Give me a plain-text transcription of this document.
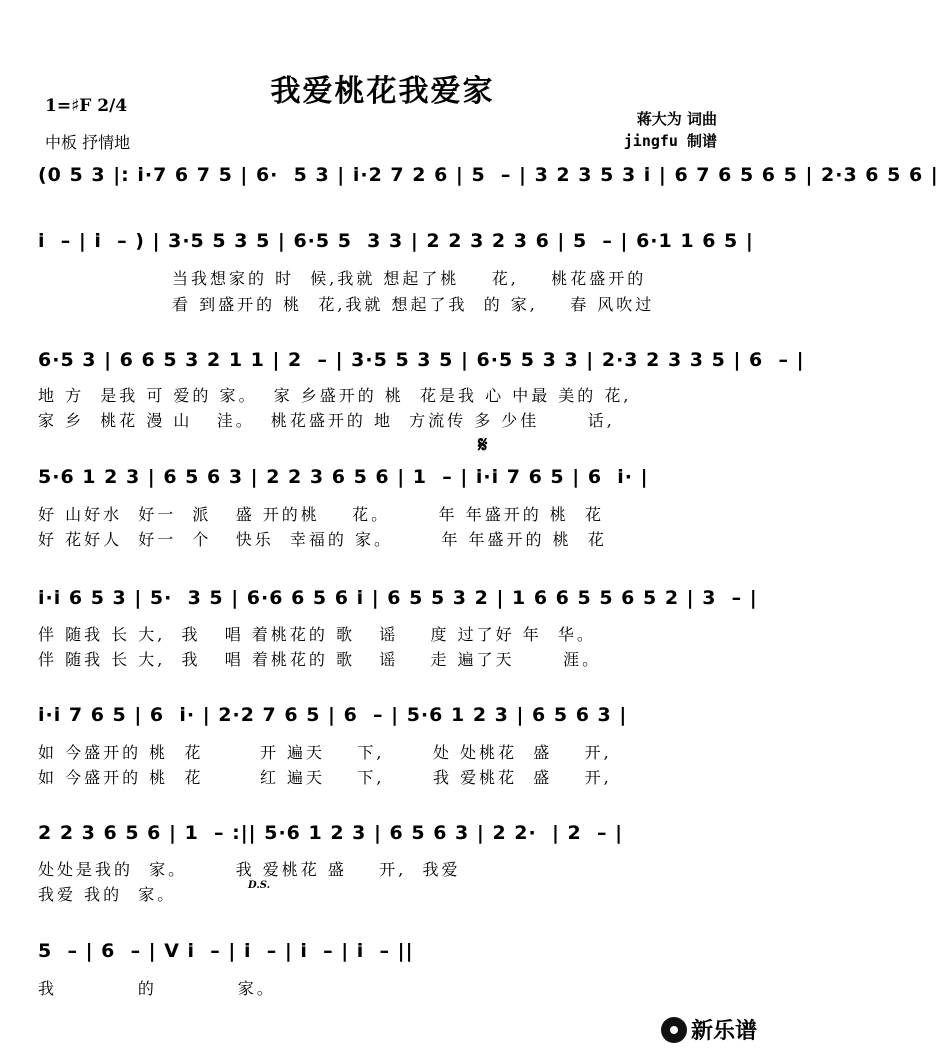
我爱桃花我爱家
1=♯F 2/4
中板 抒情地
蒋大为 词曲
jingfu 制谱
(0 5 3 |: i·7 6 7 5 | 6·  5 3 | i·2 7 2 6 | 5  – | 3 2 3 5 3 i | 6 7 6 5 6 5 | 2·3 6 5 6 |
i  – | i  – ) | 3·5 5 3 5 | 6·5 5  3 3 | 2 2 3 2 3 6 | 5  – | 6·1 1 6 5 |
当我想家的 时  候,我就 想起了桃    花,    桃花盛开的
看 到盛开的 桃  花,我就 想起了我  的 家,    春 风吹过
6·5 3 | 6 6 5 3 2 1 1 | 2  – | 3·5 5 3 5 | 6·5 5 3 3 | 2·3 2 3 3 5 | 6  – |
地 方  是我 可 爱的 家。  家 乡盛开的 桃  花是我 心 中最 美的 花,
家 乡  桃花 漫 山   洼。  桃花盛开的 地  方流传 多 少佳      话,
𝄋
5·6 1 2 3 | 6 5 6 3 | 2 2 3 6 5 6 | 1  – | i·i 7 6 5 | 6  i· |
好 山好水  好一  派   盛 开的桃    花。      年 年盛开的 桃  花
好 花好人  好一  个   快乐  幸福的 家。      年 年盛开的 桃  花
i·i 6 5 3 | 5·  3 5 | 6·6 6 5 6 i | 6 5 5 3 2 | 1 6 6 5 5 6 5 2 | 3  – |
伴 随我 长 大,  我   唱 着桃花的 歌   谣    度 过了好 年  华。
伴 随我 长 大,  我   唱 着桃花的 歌   谣    走 遍了天      涯。
i·i 7 6 5 | 6  i· | 2·2 7 6 5 | 6  – | 5·6 1 2 3 | 6 5 6 3 |
如 今盛开的 桃  花       开 遍天    下,      处 处桃花  盛    开,
如 今盛开的 桃  花       红 遍天    下,      我 爱桃花  盛    开,
2 2 3 6 5 6 | 1  – :|| 5·6 1 2 3 | 6 5 6 3 | 2 2·  | 2  – |
处处是我的  家。      我 爱桃花 盛    开,  我爱
我爱 我的  家。	D.S.
5  – | 6  – | V i  – | i  – | i  – | i  – ||
我          的          家。
新乐谱
